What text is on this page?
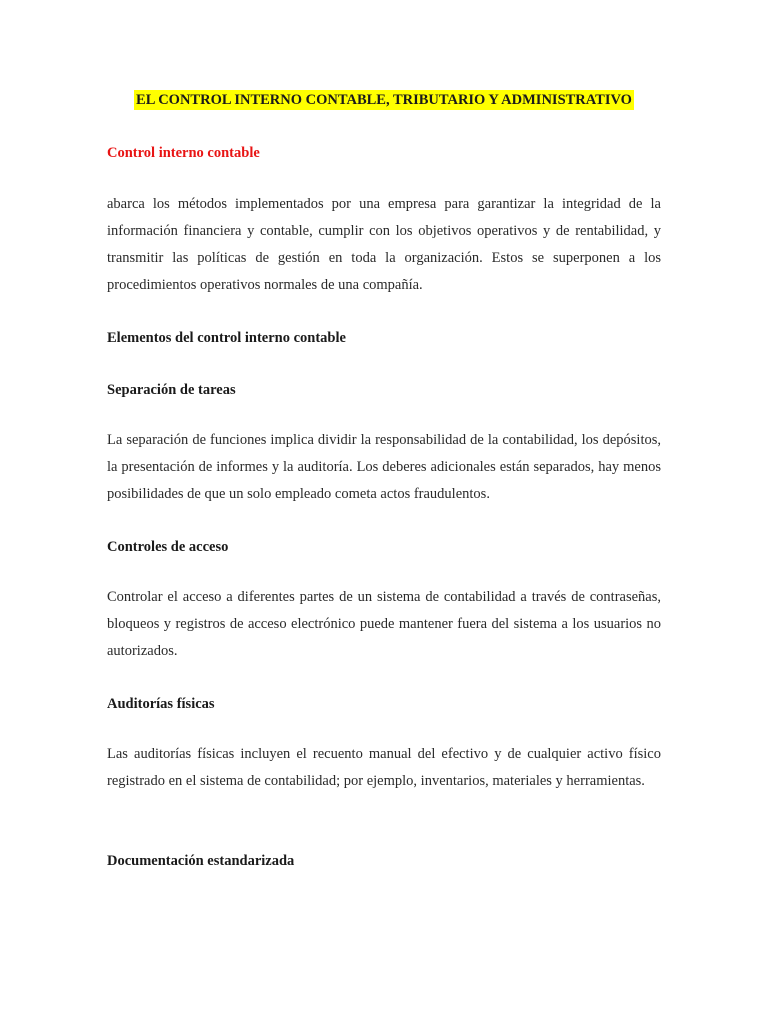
EL CONTROL INTERNO CONTABLE, TRIBUTARIO Y ADMINISTRATIVO
Control interno contable
abarca los métodos implementados por una empresa para garantizar la integridad de la información financiera y contable, cumplir con los objetivos operativos y de rentabilidad, y transmitir las políticas de gestión en toda la organización. Estos se superponen a los procedimientos operativos normales de una compañía.
Elementos del control interno contable
Separación de tareas
La separación de funciones implica dividir la responsabilidad de la contabilidad, los depósitos, la presentación de informes y la auditoría. Los deberes adicionales están separados, hay menos posibilidades de que un solo empleado cometa actos fraudulentos.
Controles de acceso
Controlar el acceso a diferentes partes de un sistema de contabilidad a través de contraseñas, bloqueos y registros de acceso electrónico puede mantener fuera del sistema a los usuarios no autorizados.
Auditorías físicas
Las auditorías físicas incluyen el recuento manual del efectivo y de cualquier activo físico registrado en el sistema de contabilidad; por ejemplo, inventarios, materiales y herramientas.
Documentación estandarizada
